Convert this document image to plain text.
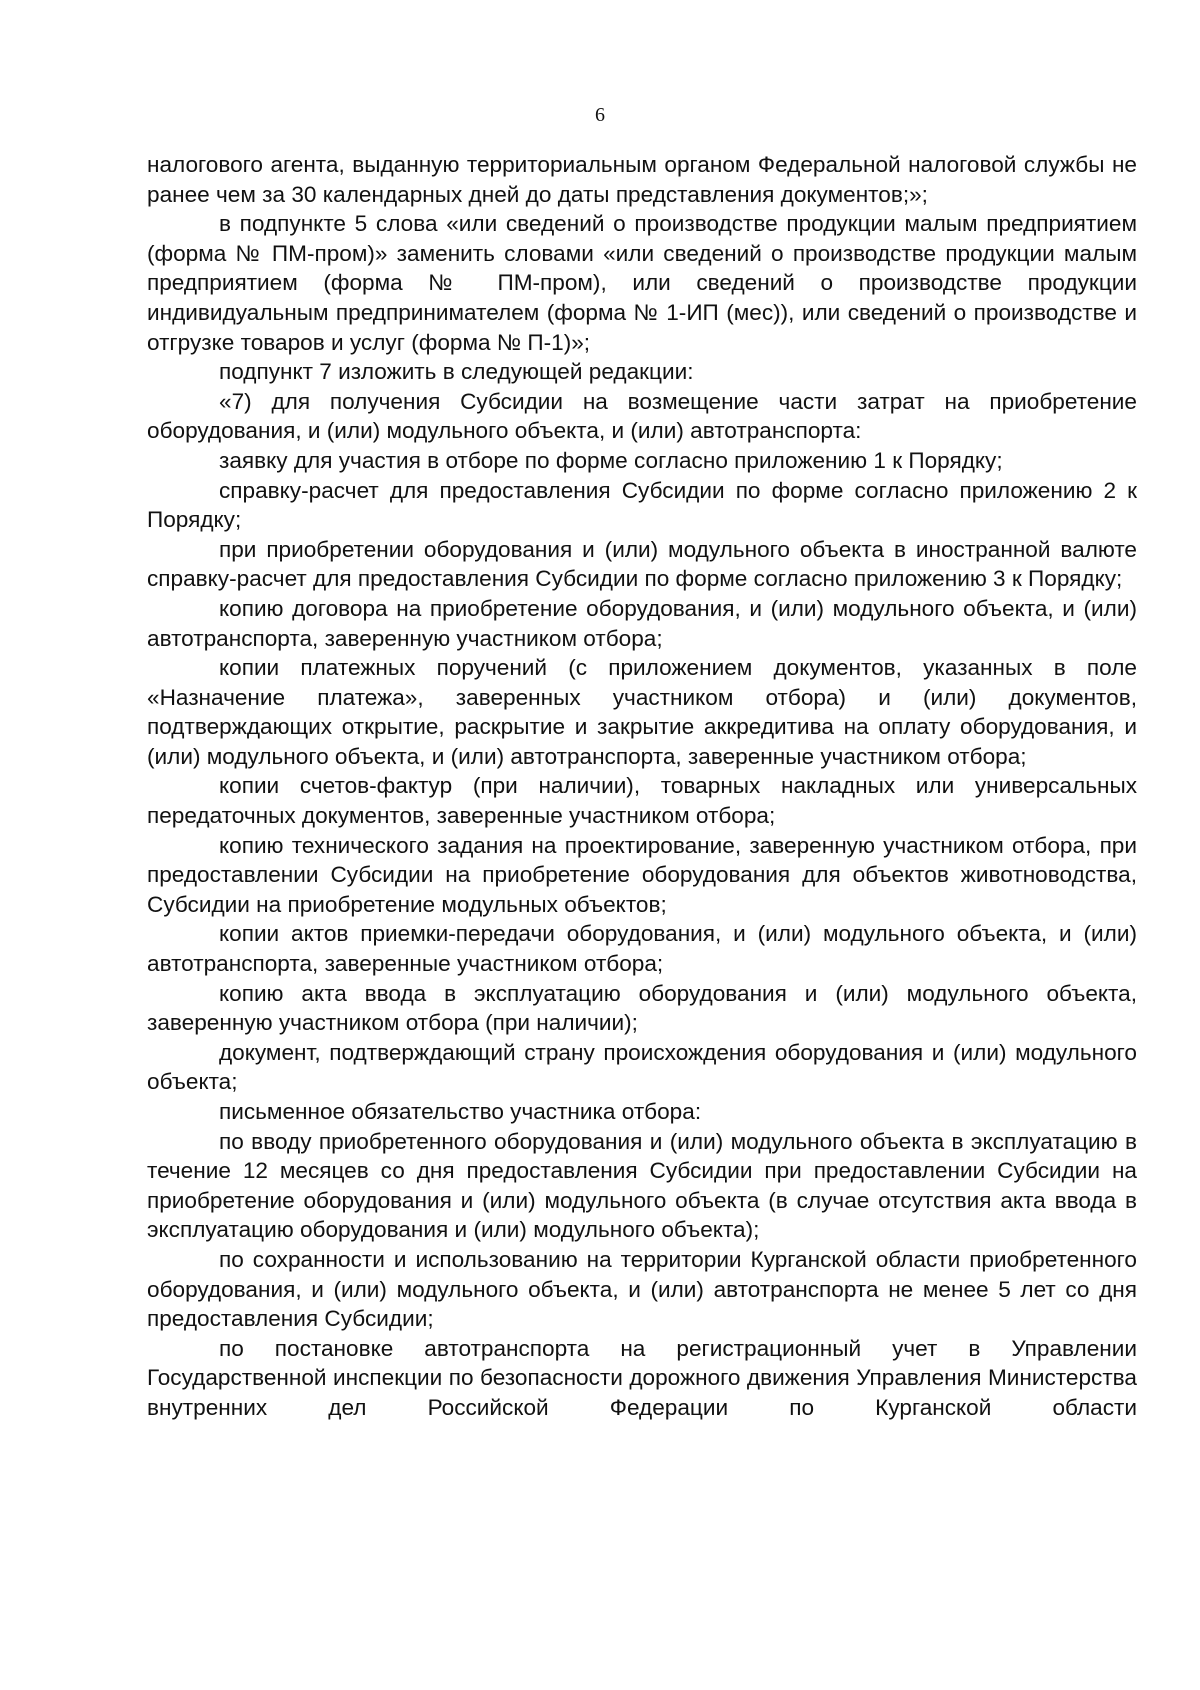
6

налогового агента, выданную территориальным органом Федеральной налоговой службы не ранее чем за 30 календарных дней до даты представления документов;»;

в подпункте 5 слова «или сведений о производстве продукции малым предприятием (форма № ПМ-пром)» заменить словами «или сведений о производстве продукции малым предприятием (форма № ПМ-пром), или сведений о производстве продукции индивидуальным предпринимателем (форма № 1-ИП (мес)), или сведений о производстве и отгрузке товаров и услуг (форма № П-1)»;

подпункт 7 изложить в следующей редакции:

«7) для получения Субсидии на возмещение части затрат на приобретение оборудования, и (или) модульного объекта, и (или) автотранспорта:

заявку для участия в отборе по форме согласно приложению 1 к Порядку;

справку-расчет для предоставления Субсидии по форме согласно приложению 2 к Порядку;

при приобретении оборудования и (или) модульного объекта в иностранной валюте справку-расчет для предоставления Субсидии по форме согласно приложению 3 к Порядку;

копию договора на приобретение оборудования, и (или) модульного объекта, и (или) автотранспорта, заверенную участником отбора;

копии платежных поручений (с приложением документов, указанных в поле «Назначение платежа», заверенных участником отбора) и (или) документов, подтверждающих открытие, раскрытие и закрытие аккредитива на оплату оборудования, и (или) модульного объекта, и (или) автотранспорта, заверенные участником отбора;

копии счетов-фактур (при наличии), товарных накладных или универсальных передаточных документов, заверенные участником отбора;

копию технического задания на проектирование, заверенную участником отбора, при предоставлении Субсидии на приобретение оборудования для объектов животноводства, Субсидии на приобретение модульных объектов;

копии актов приемки-передачи оборудования, и (или) модульного объекта, и (или) автотранспорта, заверенные участником отбора;

копию акта ввода в эксплуатацию оборудования и (или) модульного объекта, заверенную участником отбора (при наличии);

документ, подтверждающий страну происхождения оборудования и (или) модульного объекта;

письменное обязательство участника отбора:

по вводу приобретенного оборудования и (или) модульного объекта в эксплуатацию в течение 12 месяцев со дня предоставления Субсидии при предоставлении Субсидии на приобретение оборудования и (или) модульного объекта (в случае отсутствия акта ввода в эксплуатацию оборудования и (или) модульного объекта);

по сохранности и использованию на территории Курганской области приобретенного оборудования, и (или) модульного объекта, и (или) автотранспорта не менее 5 лет со дня предоставления Субсидии;

по постановке автотранспорта на регистрационный учет в Управлении Государственной инспекции по безопасности дорожного движения Управления Министерства внутренних дел Российской Федерации по Курганской области
